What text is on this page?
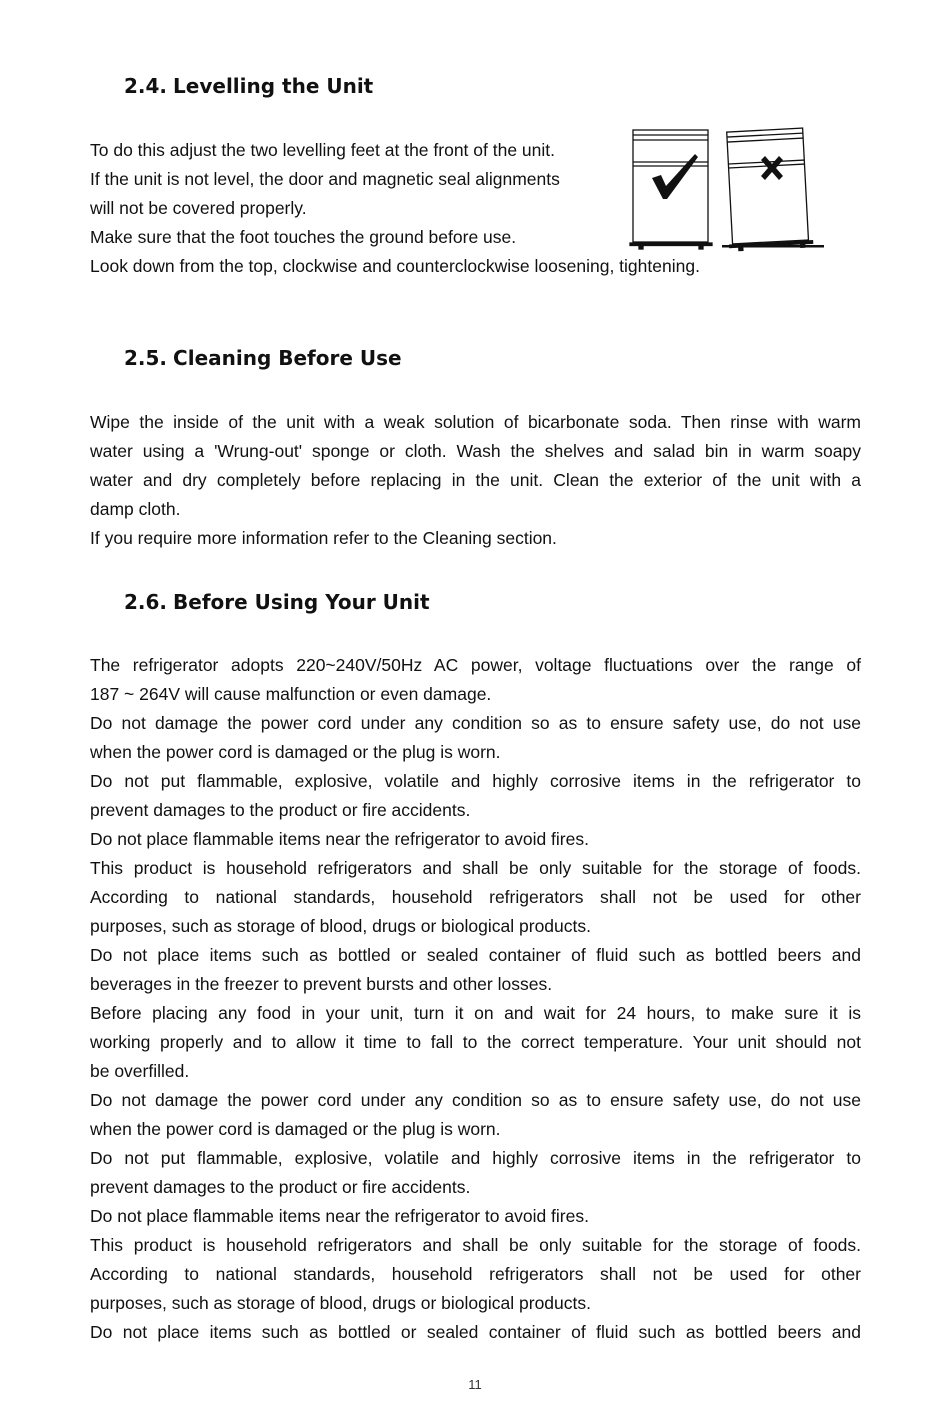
2.4. Levelling the Unit

To do this adjust the two levelling feet at the front of the unit.

If the unit is not level, the door and magnetic seal alignments

will not be covered properly.

Make sure that the foot touches the ground before use.

Look down from the top, clockwise and counterclockwise loosening, tightening.

2.5. Cleaning Before Use

Wipe the inside of the unit with a weak solution of bicarbonate soda. Then rinse with warm

water using a 'Wrung-out' sponge or cloth. Wash the shelves and salad bin in warm soapy

water and dry completely before replacing in the unit. Clean the exterior of the unit with a

damp cloth.

If you require more information refer to the Cleaning section.

2.6. Before Using Your Unit

The refrigerator adopts 220~240V/50Hz AC power, voltage fluctuations over the range of

187 ~ 264V will cause malfunction or even damage.

Do not damage the power cord under any condition so as to ensure safety use, do not use

when the power cord is damaged or the plug is worn.

Do not put flammable, explosive, volatile and highly corrosive items in the refrigerator to

prevent damages to the product or fire accidents.

Do not place flammable items near the refrigerator to avoid fires.

This product is household refrigerators and shall be only suitable for the storage of foods.

According to national standards, household refrigerators shall not be used for other

purposes, such as storage of blood, drugs or biological products.

Do not place items such as bottled or sealed container of fluid such as bottled beers and

beverages in the freezer to prevent bursts and other losses.

Before placing any food in your unit, turn it on and wait for 24 hours, to make sure it is

working properly and to allow it time to fall to the correct temperature. Your unit should not

be overfilled.

Do not damage the power cord under any condition so as to ensure safety use, do not use

when the power cord is damaged or the plug is worn.

Do not put flammable, explosive, volatile and highly corrosive items in the refrigerator to

prevent damages to the product or fire accidents.

Do not place flammable items near the refrigerator to avoid fires.

This product is household refrigerators and shall be only suitable for the storage of foods.

According to national standards, household refrigerators shall not be used for other

purposes, such as storage of blood, drugs or biological products.

Do not place items such as bottled or sealed container of fluid such as bottled beers and

11
